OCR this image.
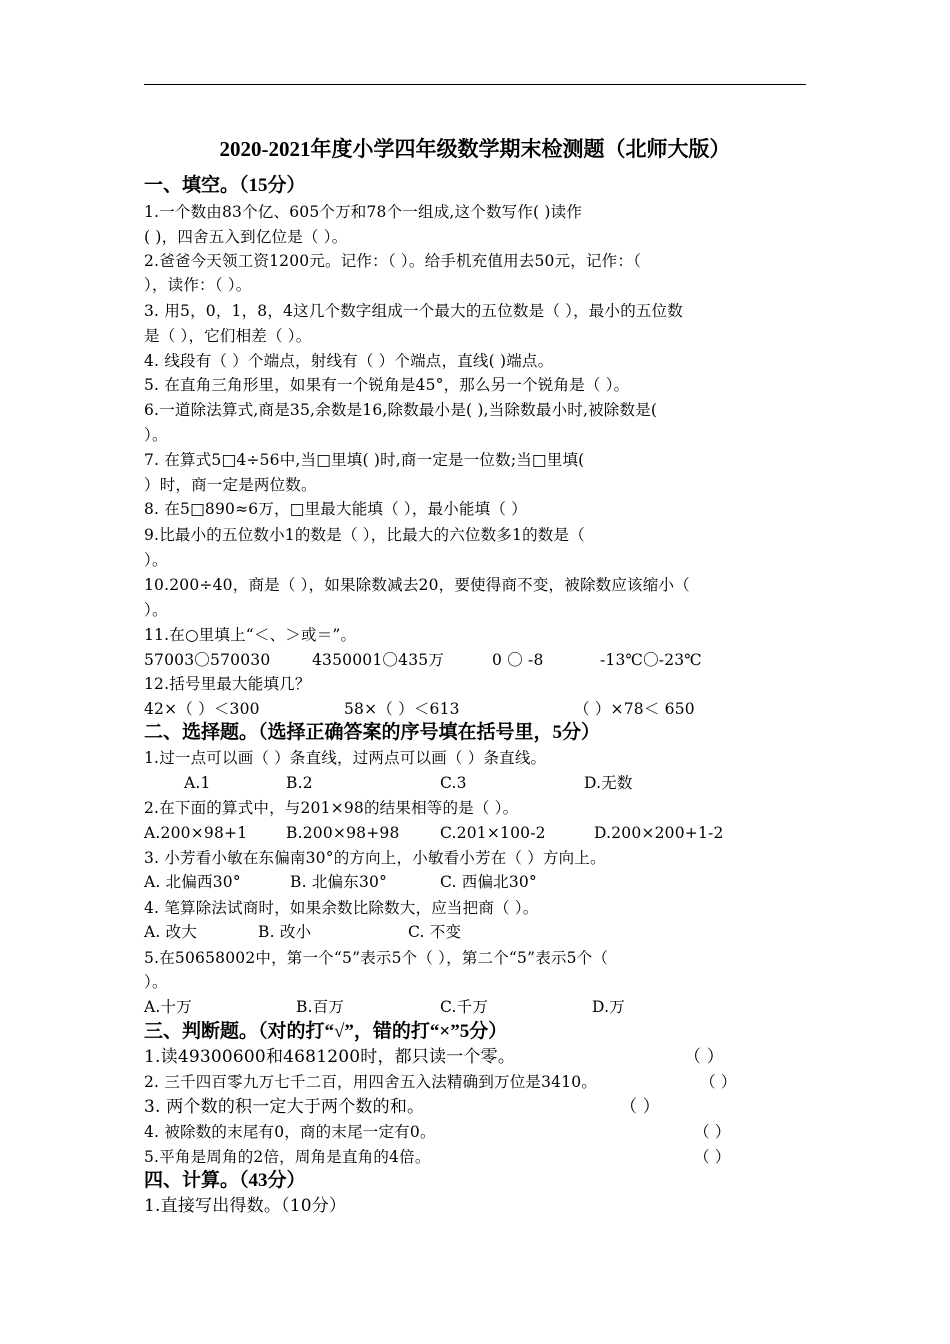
2020-2021年度小学四年级数学期末检测题（北师大版）
一、填空。（15分）
1.一个数由83个亿、605个万和78个一组成,这个数写作( )读作
( )，四舍五入到亿位是（ ）。
2.爸爸今天领工资1200元。记作：（ ）。给手机充值用去50元，记作：（
），读作：（ ）。
3. 用5，0，1，8，4这几个数字组成一个最大的五位数是（ ），最小的五位数
是（ ），它们相差（ ）。
4. 线段有（ ）个端点，射线有（ ）个端点，直线( )端点。
5. 在直角三角形里，如果有一个锐角是45°，那么另一个锐角是（ ）。
6.一道除法算式,商是35,余数是16,除数最小是( ),当除数最小时,被除数是(
）。
7. 在算式5□4÷56中,当□里填( )时,商一定是一位数;当□里填(
）时，商一定是两位数。
8. 在5□890≈6万，□里最大能填（ ），最小能填（ ）
9.比最小的五位数小1的数是（ ），比最大的六位数多1的数是（
）。
10.200÷40，商是（ ），如果除数减去20，要使得商不变，被除数应该缩小（
）。
11.在○里填上“＜、＞或＝”。
57003〇570030	4350001〇435万	0 〇 -8	-13℃〇-23℃
12.括号里最大能填几？
42×（ ）＜300	58×（ ）＜613	（ ）×78＜ 650
二、选择题。（选择正确答案的序号填在括号里，5分）
1.过一点可以画（ ）条直线，过两点可以画（ ）条直线。
A.1	B.2	C.3	D.无数
2.在下面的算式中，与201×98的结果相等的是（ ）。
A.200×98+1 B.200×98+98	C.201×100-2	D.200×200+1-2
3. 小芳看小敏在东偏南30°的方向上，小敏看小芳在（ ）方向上。
A. 北偏西30°	B. 北偏东30°	C. 西偏北30°
4. 笔算除法试商时，如果余数比除数大，应当把商（ ）。
A. 改大	B. 改小	C. 不变
5.在50658002中，第一个“5”表示5个（ ），第二个“5”表示5个（
）。
A.十万	B.百万	C.千万	D.万
三、判断题。（对的打“√”，错的打“×”5分）
1.读49300600和4681200时，都只读一个零。	（ ）
2. 三千四百零九万七千二百，用四舍五入法精确到万位是3410。	（ ）
3. 两个数的积一定大于两个数的和。	（ ）
4. 被除数的末尾有0，商的末尾一定有0。	（ ）
5.平角是周角的2倍，周角是直角的4倍。	（ ）
四、计算。（43分）
1.直接写出得数。（10分）
